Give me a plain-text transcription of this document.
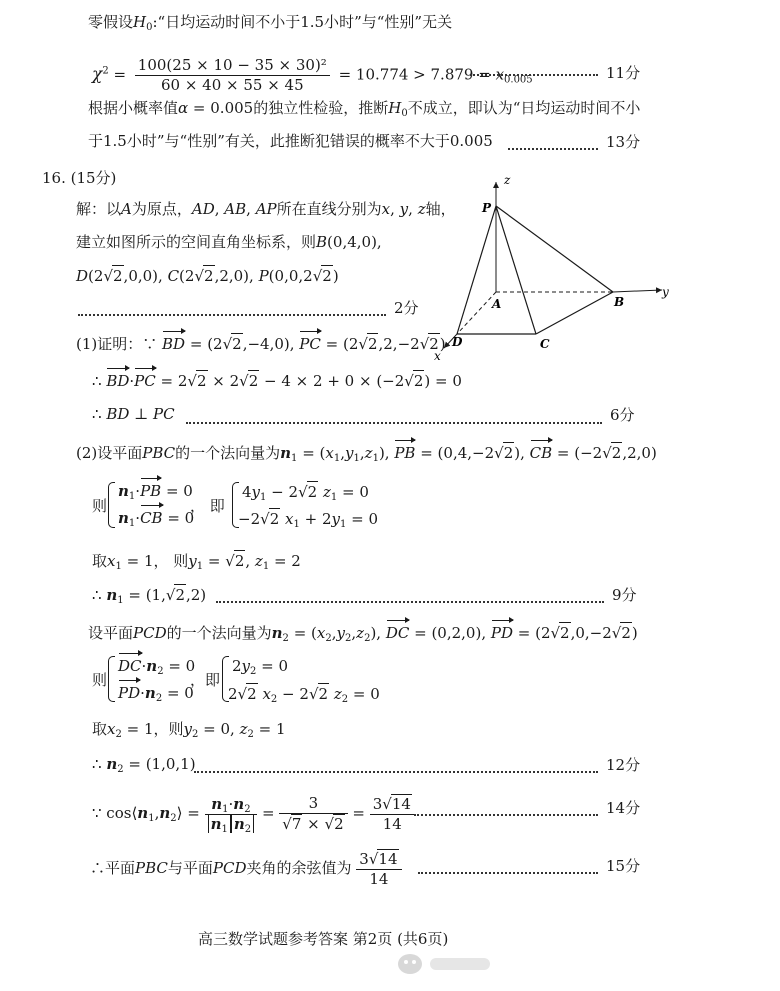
零假设$H_0:“$日均运动时间不小于1.5小时”与“性别”无关
$\chi^2 = \frac{\text{100(25 × 10 − 35 × 30)²}}{60 \times 40 \times 55 \times 45} = 10.774 > 7.879 = x_{0.005}$	11分
根据小概率值α = 0.005的独立性检验，推断$H_0$不成立，即认为“日均运动时间不小
于1.5小时”与“性别”有关，此推断犯错误的概率不大于0.005	13分
16. (15分)
解：以A为原点，AD, AB, AP所在直线分别为x, y, z轴，
建立如图所示的空间直角坐标系，则B(0,4,0),
D(2√2,0,0), C(2√2,2,0), P(0,0,2√2)
2分
(1)证明：∵ BD = (2√2,−4,0), PC = (2√2,2,−2√2)
∴ BD·PC = 2√2 × 2√2 − 4 × 2 + 0 × (−2√2) = 0
∴ BD ⊥ PC	6分
(2)设平面PBC的一个法向量为$n_1 = (x_1,y_1,z_1)$, PB = (0,4,−2√2), CB = (−2√2,2,0)
则
$n_1\cdot PB = 0$
$n_1\cdot CB = 0$
， 即
$4y_1 - 2√2$ $z_1 = 0$
−2√2 $x_1 + 2y_1 = 0$
取$x_1 = 1$， 则$y_1 = √2$, $z_1 = 2$
∴ $n_1 = (1,√2,2)$	9分
设平面PCD的一个法向量为$n_2 = (x_2,y_2,z_2)$, DC = (0,2,0), PD = (2√2,0,−2√2)
则
$DC\cdot n_2 = 0$
$PD\cdot n_2 = 0$
，即
$2y_2 = 0$
2√2 $x_2 - 2√2$ $z_2 = 0$
取$x_2 = 1$，则$y_2 = 0$, $z_2 = 1$
∴ $n_2 = (1,0,1)$	12分
∵ $\cos⟨n_1,n_2⟩ = \frac{n_1\cdot n_2}{n_1 n_2} = \frac{3}{√7 \times √2} = \frac{3√14}{14}$	14分
∴平面PBC与平面PCD夹角的余弦值为 $\frac{3√14}{14}$	15分
z
y
x
P
A	B
C
D
高三数学试题参考答案 第2页 (共6页)
